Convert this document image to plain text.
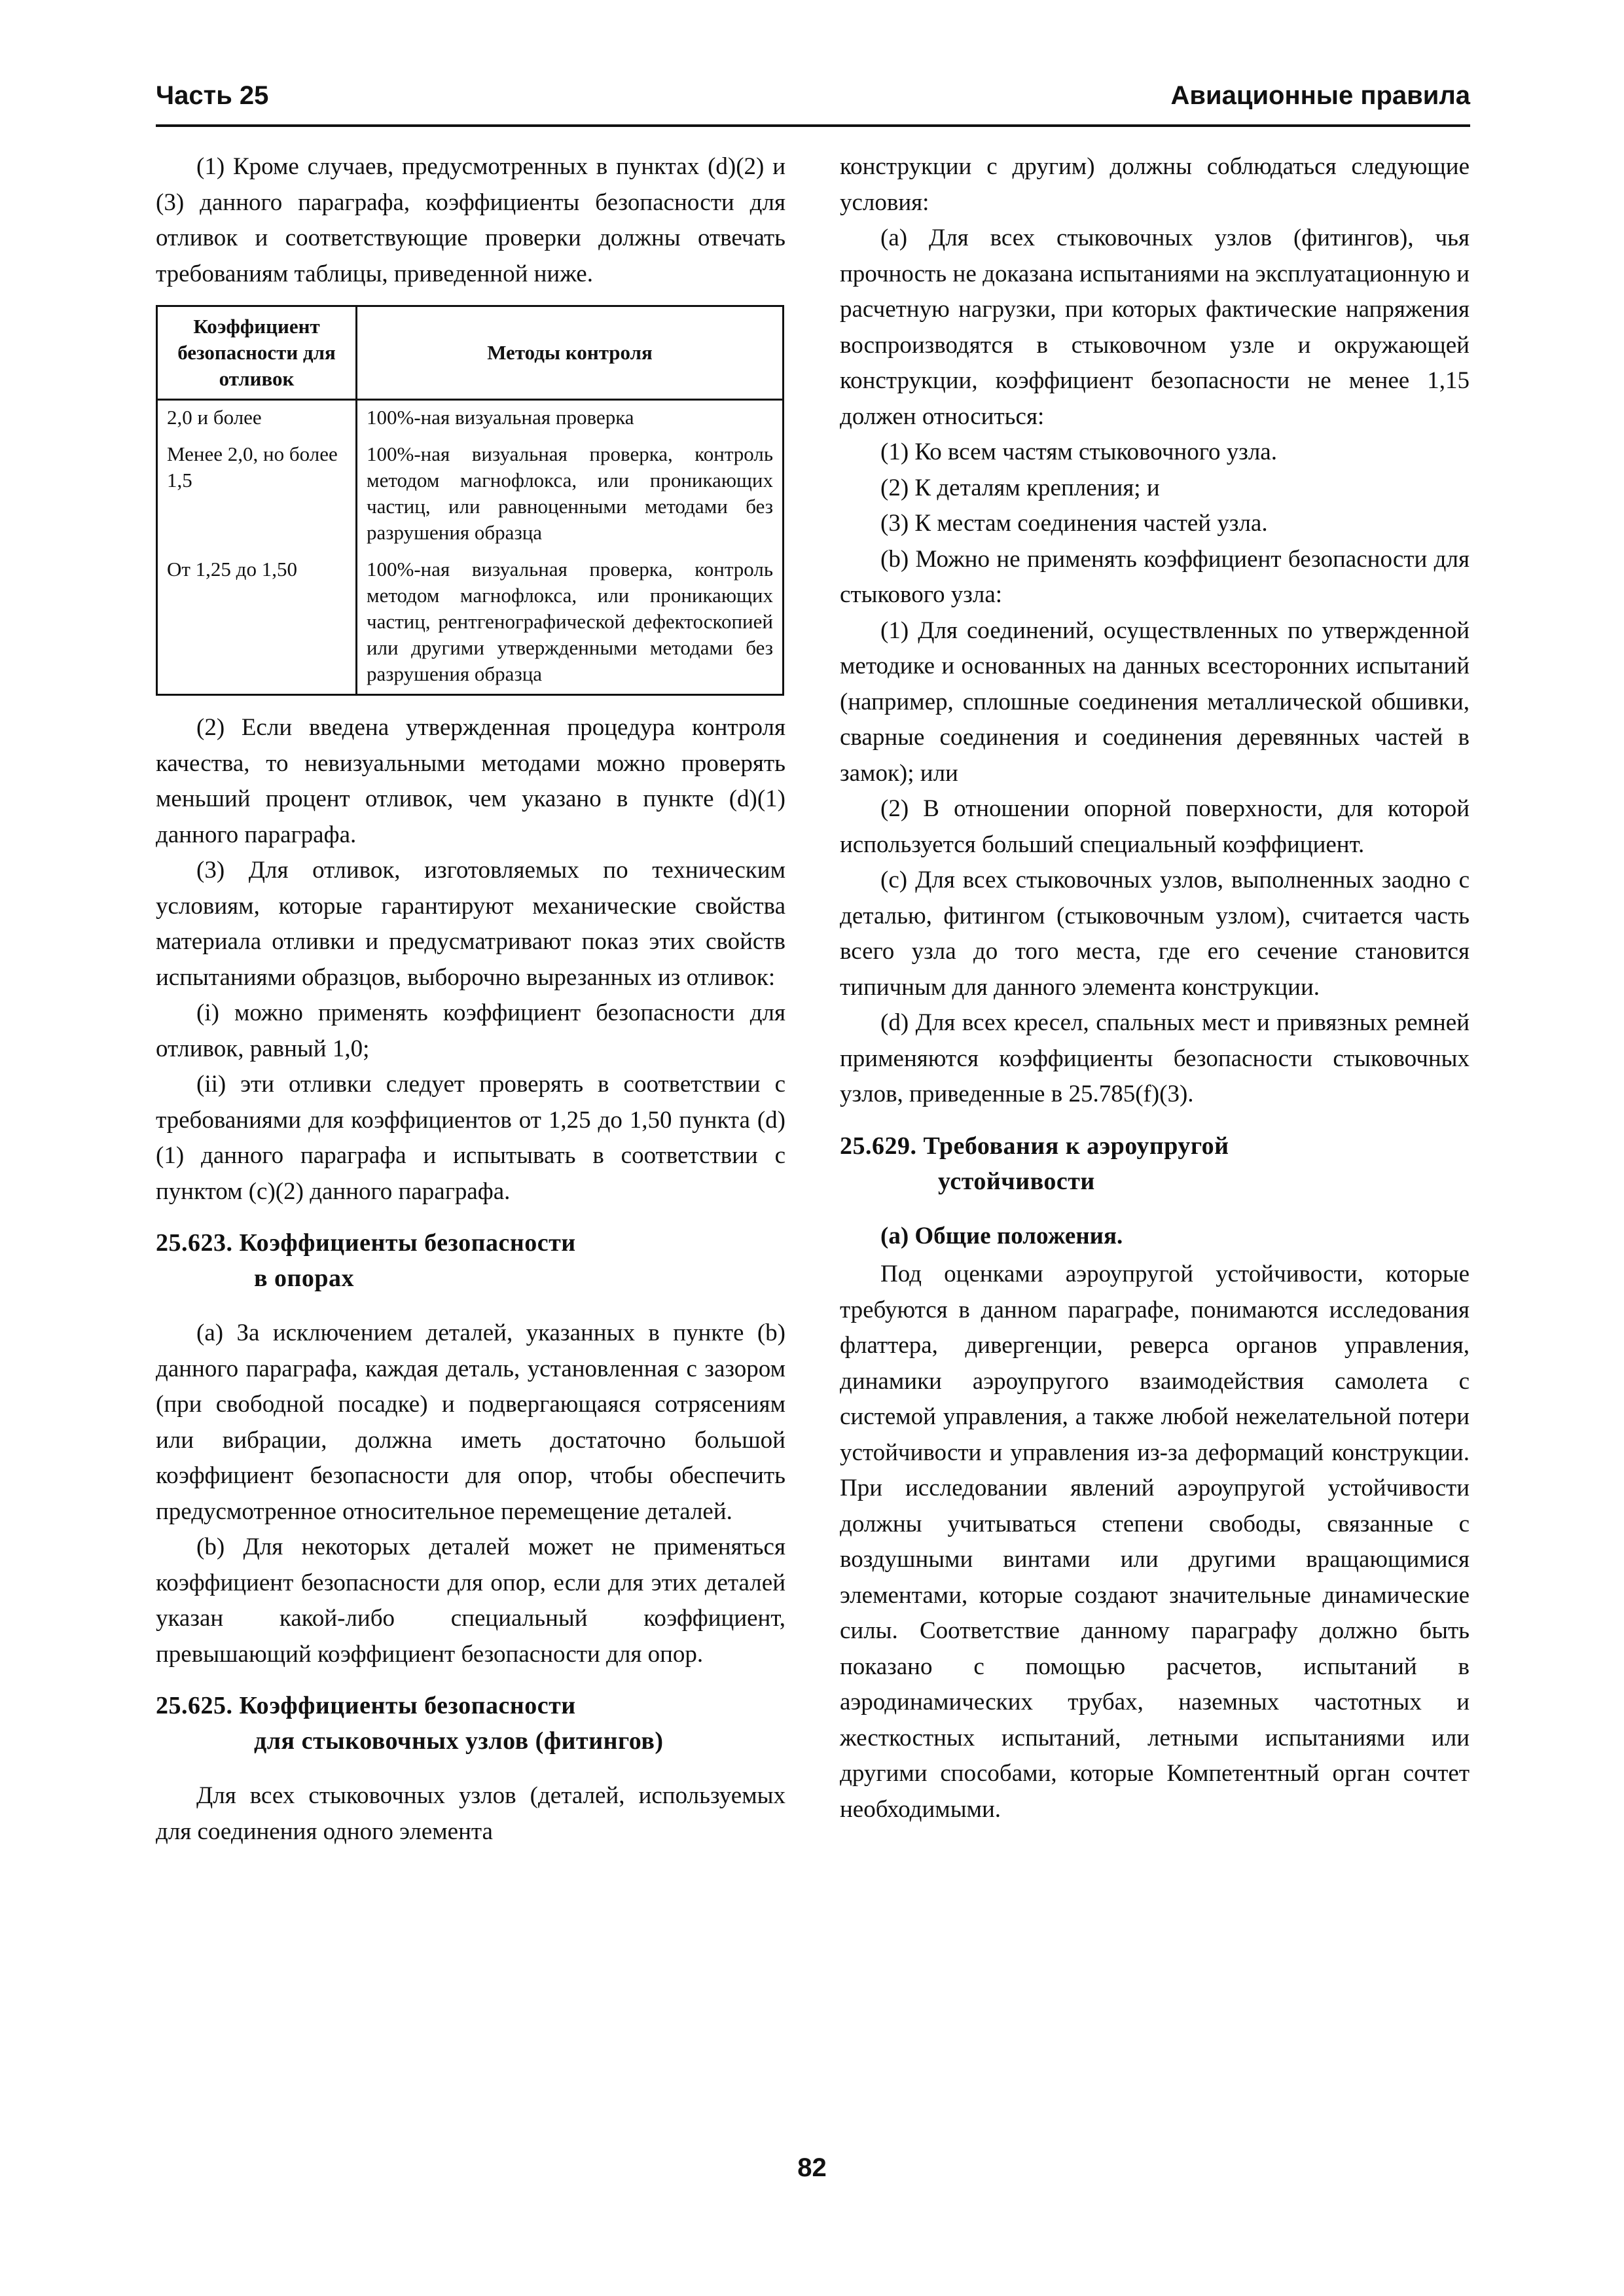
Часть 25	Авиационные правила

(1) Кроме случаев, предусмотренных в пунктах (d)(2) и (3) данного параграфа, коэффициенты безопасности для отливок и соответствующие проверки должны отвечать требованиям таблицы, приведенной ниже.

Коэффициент безопасности для отливок	Методы контроля
2,0 и более	100%-ная визуальная проверка
Менее 2,0, но более 1,5	100%-ная визуальная проверка, контроль методом магнофлокса, или проникающих частиц, или равноценными методами без разрушения образца
От 1,25 до 1,50	100%-ная визуальная проверка, контроль методом магнофлокса, или проникающих частиц, рентгенографической дефектоскопией или другими утвержденными методами без разрушения образца

(2) Если введена утвержденная процедура контроля качества, то невизуальными методами можно проверять меньший процент отливок, чем указано в пункте (d)(1) данного параграфа.

(3) Для отливок, изготовляемых по техническим условиям, которые гарантируют механические свойства материала отливки и предусматривают показ этих свойств испытаниями образцов, выборочно вырезанных из отливок:

(i) можно применять коэффициент безопасности для отливок, равный 1,0;

(ii) эти отливки следует проверять в соответствии с требованиями для коэффициентов от 1,25 до 1,50 пункта (d)(1) данного параграфа и испытывать в соответствии с пунктом (c)(2) данного параграфа.

25.623. Коэффициенты безопасности
в опорах

(a) За исключением деталей, указанных в пункте (b) данного параграфа, каждая деталь, установленная с зазором (при свободной посадке) и подвергающаяся сотрясениям или вибрации, должна иметь достаточно большой коэффициент безопасности для опор, чтобы обеспечить предусмотренное относительное перемещение деталей.

(b) Для некоторых деталей может не применяться коэффициент безопасности для опор, если для этих деталей указан какой-либо специальный коэффициент, превышающий коэффициент безопасности для опор.

25.625. Коэффициенты безопасности
для стыковочных узлов (фитингов)

Для всех стыковочных узлов (деталей, используемых для соединения одного элемента

конструкции с другим) должны соблюдаться следующие условия:

(a) Для всех стыковочных узлов (фитингов), чья прочность не доказана испытаниями на эксплуатационную и расчетную нагрузки, при которых фактические напряжения воспроизводятся в стыковочном узле и окружающей конструкции, коэффициент безопасности не менее 1,15 должен относиться:

(1) Ко всем частям стыковочного узла.

(2) К деталям крепления; и

(3) К местам соединения частей узла.

(b) Можно не применять коэффициент безопасности для стыкового узла:

(1) Для соединений, осуществленных по утвержденной методике и основанных на данных всесторонних испытаний (например, сплошные соединения металлической обшивки, сварные соединения и соединения деревянных частей в замок); или

(2) В отношении опорной поверхности, для которой используется больший специальный коэффициент.

(c) Для всех стыковочных узлов, выполненных заодно с деталью, фитингом (стыковочным узлом), считается часть всего узла до того места, где его сечение становится типичным для данного элемента конструкции.

(d) Для всех кресел, спальных мест и привязных ремней применяются коэффициенты безопасности стыковочных узлов, приведенные в 25.785(f)(3).

25.629. Требования к аэроупругой
устойчивости

(a) Общие положения.

Под оценками аэроупругой устойчивости, которые требуются в данном параграфе, понимаются исследования флаттера, дивергенции, реверса органов управления, динамики аэроупругого взаимодействия самолета с системой управления, а также любой нежелательной потери устойчивости и управления из-за деформаций конструкции. При исследовании явлений аэроупругой устойчивости должны учитываться степени свободы, связанные с воздушными винтами или другими вращающимися элементами, которые создают значительные динамические силы. Соответствие данному параграфу должно быть показано с помощью расчетов, испытаний в аэродинамических трубах, наземных частотных и жесткостных испытаний, летными испытаниями или другими способами, которые Компетентный орган сочтет необходимыми.

82
